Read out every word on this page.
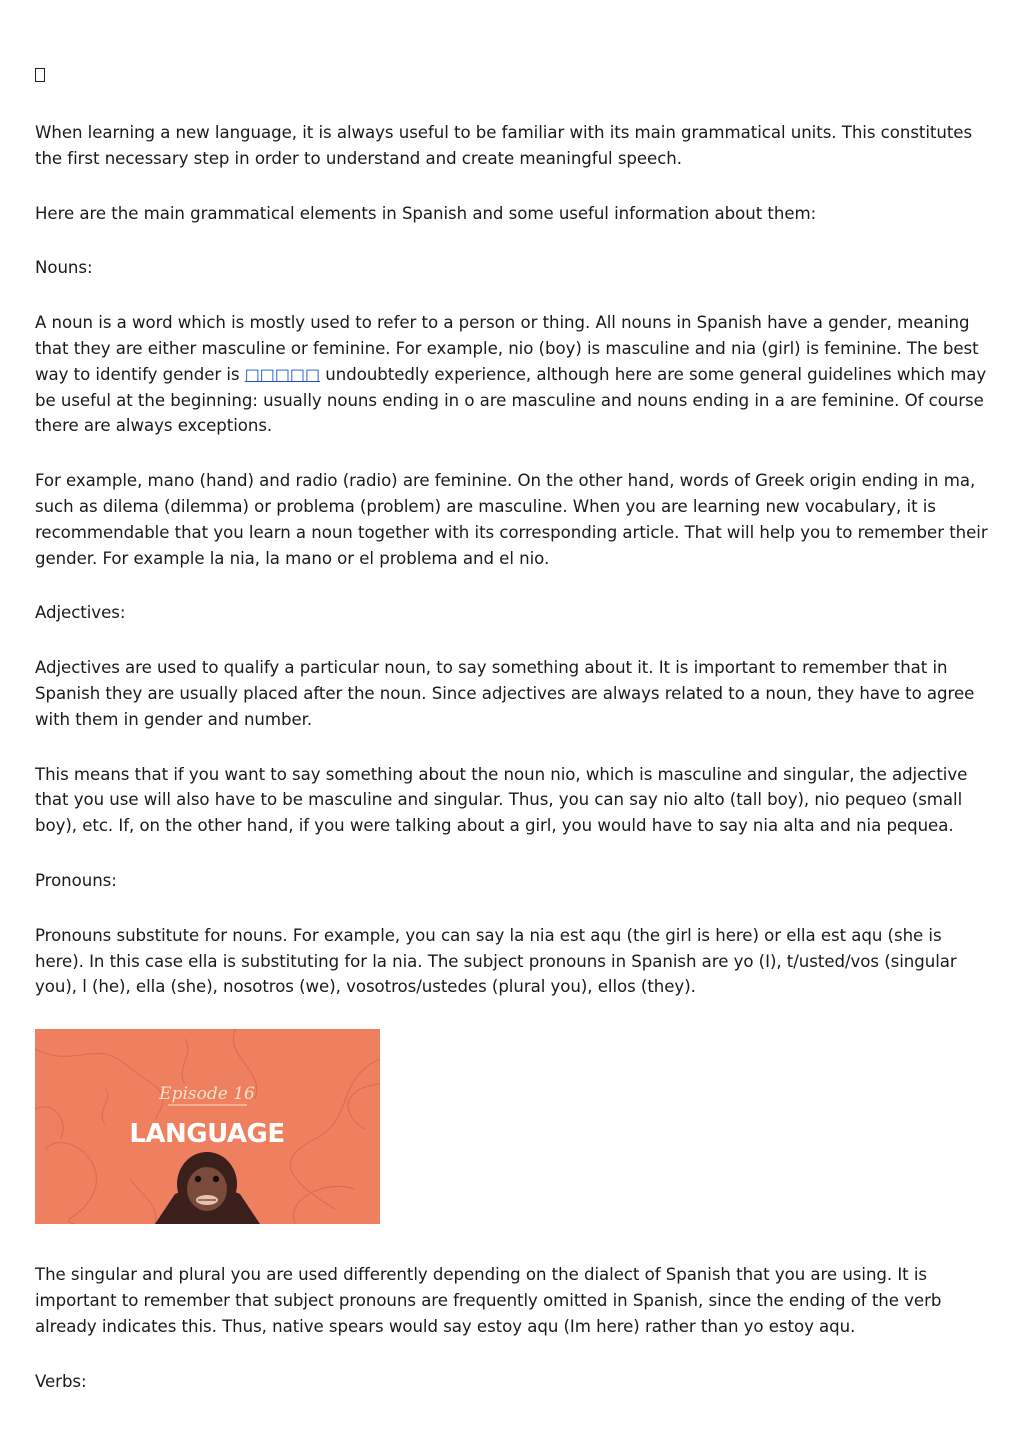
When learning a new language, it is always useful to be familiar with its main grammatical units. This constitutes the first necessary step in order to understand and create meaningful speech.

Here are the main grammatical elements in Spanish and some useful information about them:

Nouns:

A noun is a word which is mostly used to refer to a person or thing. All nouns in Spanish have a gender, meaning that they are either masculine or feminine. For example, nio (boy) is masculine and nia (girl) is feminine. The best way to identify gender is □□□□□ undoubtedly experience, although here are some general guidelines which may be useful at the beginning: usually nouns ending in o are masculine and nouns ending in a are feminine. Of course there are always exceptions.

For example, mano (hand) and radio (radio) are feminine. On the other hand, words of Greek origin ending in ma, such as dilema (dilemma) or problema (problem) are masculine. When you are learning new vocabulary, it is recommendable that you learn a noun together with its corresponding article. That will help you to remember their gender. For example la nia, la mano or el problema and el nio.

Adjectives:

Adjectives are used to qualify a particular noun, to say something about it. It is important to remember that in Spanish they are usually placed after the noun. Since adjectives are always related to a noun, they have to agree with them in gender and number.

This means that if you want to say something about the noun nio, which is masculine and singular, the adjective that you use will also have to be masculine and singular. Thus, you can say nio alto (tall boy), nio pequeo (small boy), etc. If, on the other hand, if you were talking about a girl, you would have to say nia alta and nia pequea.

Pronouns:

Pronouns substitute for nouns. For example, you can say la nia est aqu (the girl is here) or ella est aqu (she is here). In this case ella is substituting for la nia. The subject pronouns in Spanish are yo (I), t/usted/vos (singular you), l (he), ella (she), nosotros (we), vosotros/ustedes (plural you), ellos (they).

Episode 16
LANGUAGE

The singular and plural you are used differently depending on the dialect of Spanish that you are using. It is important to remember that subject pronouns are frequently omitted in Spanish, since the ending of the verb already indicates this. Thus, native spears would say estoy aqu (Im here) rather than yo estoy aqu.

Verbs:
